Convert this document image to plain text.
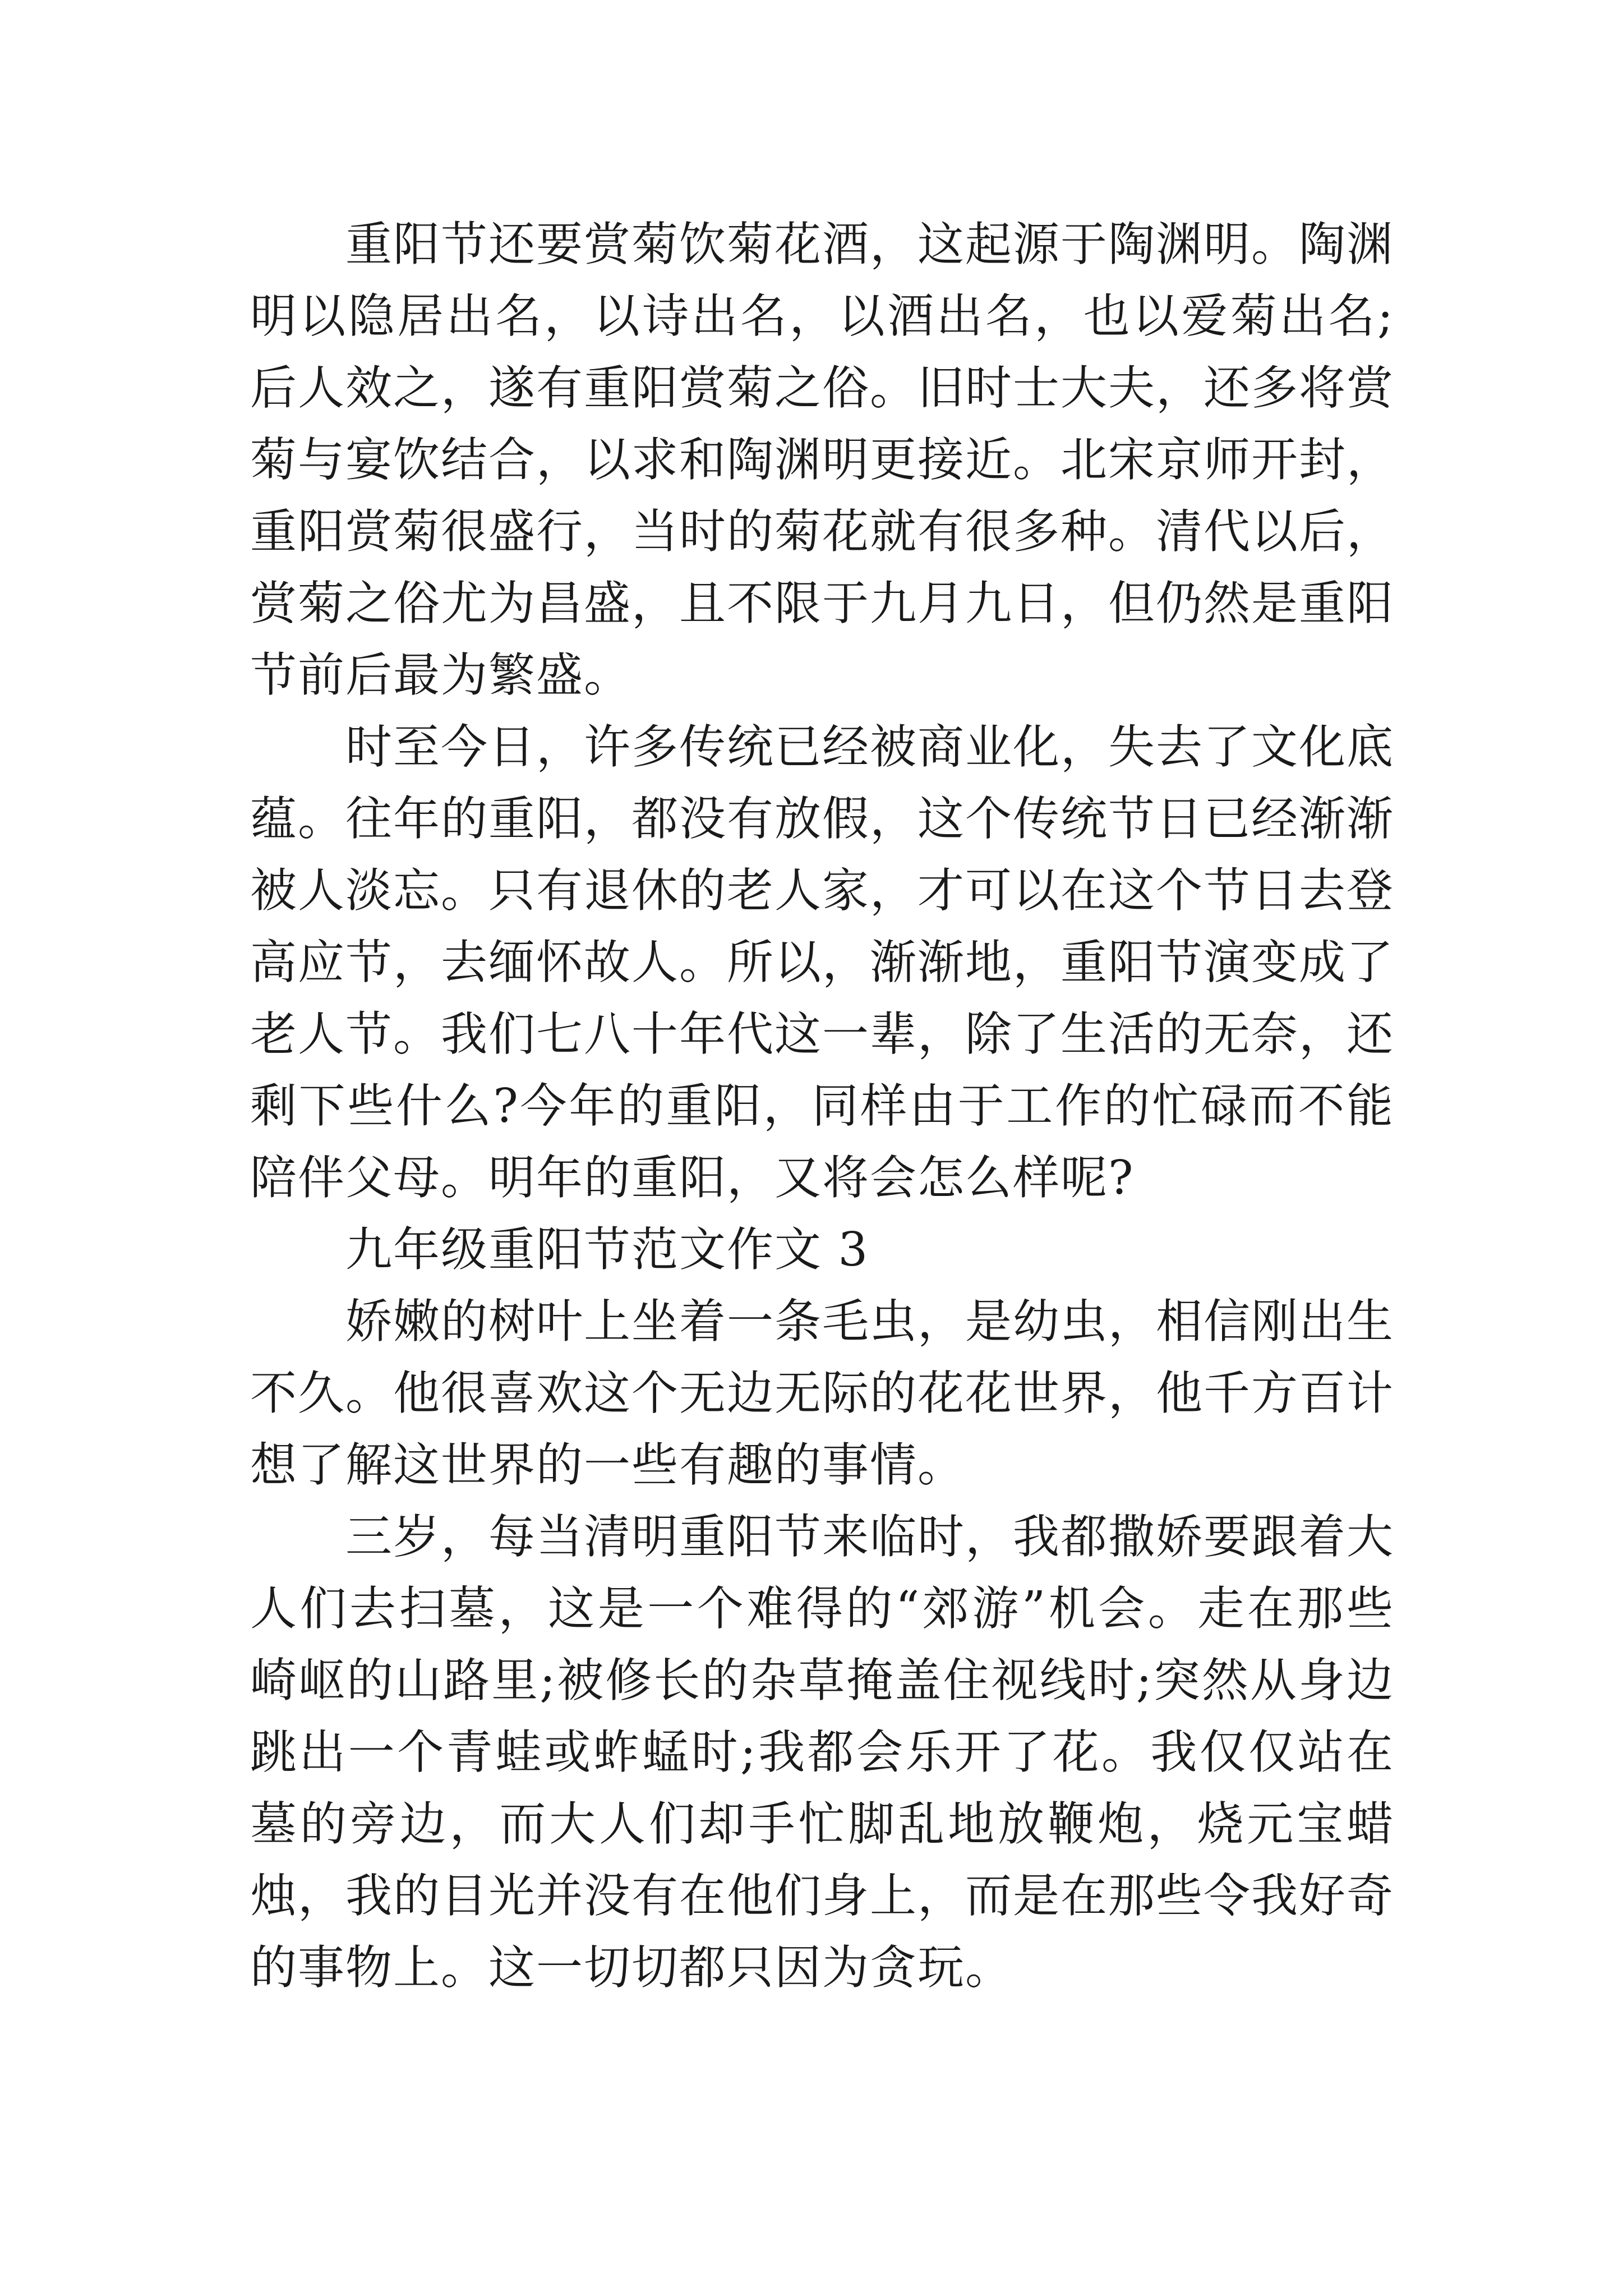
重阳节还要赏菊饮菊花酒，这起源于陶渊明。陶渊明以隐居出名，以诗出名，以酒出名，也以爱菊出名;后人效之，遂有重阳赏菊之俗。旧时士大夫，还多将赏菊与宴饮结合，以求和陶渊明更接近。北宋京师开封，重阳赏菊很盛行，当时的菊花就有很多种。清代以后，赏菊之俗尤为昌盛，且不限于九月九日，但仍然是重阳节前后最为繁盛。

时至今日，许多传统已经被商业化，失去了文化底蕴。往年的重阳，都没有放假，这个传统节日已经渐渐被人淡忘。只有退休的老人家，才可以在这个节日去登高应节，去缅怀故人。所以，渐渐地，重阳节演变成了老人节。我们七八十年代这一辈，除了生活的无奈，还剩下些什么?今年的重阳，同样由于工作的忙碌而不能陪伴父母。明年的重阳，又将会怎么样呢?

九年级重阳节范文作文 3

娇嫩的树叶上坐着一条毛虫，是幼虫，相信刚出生不久。他很喜欢这个无边无际的花花世界，他千方百计想了解这世界的一些有趣的事情。

三岁，每当清明重阳节来临时，我都撒娇要跟着大人们去扫墓，这是一个难得的“郊游”机会。走在那些崎岖的山路里;被修长的杂草掩盖住视线时;突然从身边跳出一个青蛙或蚱蜢时;我都会乐开了花。我仅仅站在墓的旁边，而大人们却手忙脚乱地放鞭炮，烧元宝蜡烛，我的目光并没有在他们身上，而是在那些令我好奇的事物上。这一切切都只因为贪玩。
